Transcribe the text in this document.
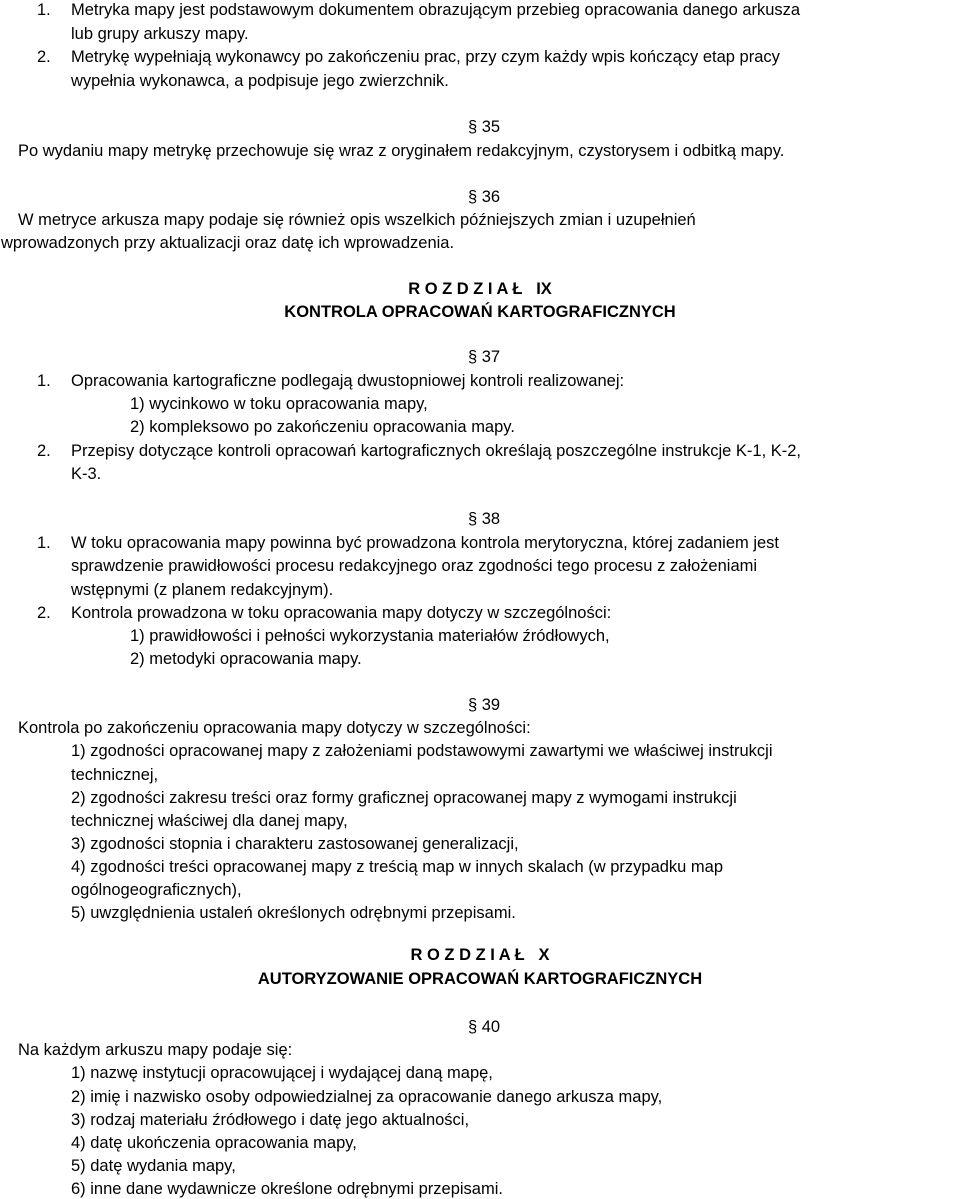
1. Metryka mapy jest podstawowym dokumentem obrazującym przebieg opracowania danego arkusza
lub grupy arkuszy mapy.
2. Metrykę wypełniają wykonawcy po zakończeniu prac, przy czym każdy wpis kończący etap pracy
wypełnia wykonawca, a podpisuje jego zwierzchnik.
§ 35
Po wydaniu mapy metrykę przechowuje się wraz z oryginałem redakcyjnym, czystorysem i odbitką mapy.
§ 36
W metryce arkusza mapy podaje się również opis wszelkich późniejszych zmian i uzupełnień
wprowadzonych przy aktualizacji oraz datę ich wprowadzenia.
R O Z D Z I A Ł   IX
KONTROLA OPRACOWAŃ KARTOGRAFICZNYCH
§ 37
1. Opracowania kartograficzne podlegają dwustopniowej kontroli realizowanej:
1) wycinkowo w toku opracowania mapy,
2) kompleksowo po zakończeniu opracowania mapy.
2. Przepisy dotyczące kontroli opracowań kartograficznych określają poszczególne instrukcje K-1, K-2,
K-3.
§ 38
1. W toku opracowania mapy powinna być prowadzona kontrola merytoryczna, której zadaniem jest
sprawdzenie prawidłowości procesu redakcyjnego oraz zgodności tego procesu z założeniami
wstępnymi (z planem redakcyjnym).
2. Kontrola prowadzona w toku opracowania mapy dotyczy w szczególności:
1) prawidłowości i pełności wykorzystania materiałów źródłowych,
2) metodyki opracowania mapy.
§ 39
Kontrola po zakończeniu opracowania mapy dotyczy w szczególności:
1) zgodności opracowanej mapy z założeniami podstawowymi zawartymi we właściwej instrukcji
technicznej,
2) zgodności zakresu treści oraz formy graficznej opracowanej mapy z wymogami instrukcji
technicznej właściwej dla danej mapy,
3) zgodności stopnia i charakteru zastosowanej generalizacji,
4) zgodności treści opracowanej mapy z treścią map w innych skalach (w przypadku map
ogólnogeograficznych),
5) uwzględnienia ustaleń określonych odrębnymi przepisami.
R O Z D Z I A Ł   X
AUTORYZOWANIE OPRACOWAŃ KARTOGRAFICZNYCH
§ 40
Na każdym arkuszu mapy podaje się:
1) nazwę instytucji opracowującej i wydającej daną mapę,
2) imię i nazwisko osoby odpowiedzialnej za opracowanie danego arkusza mapy,
3) rodzaj materiału źródłowego i datę jego aktualności,
4) datę ukończenia opracowania mapy,
5) datę wydania mapy,
6) inne dane wydawnicze określone odrębnymi przepisami.
